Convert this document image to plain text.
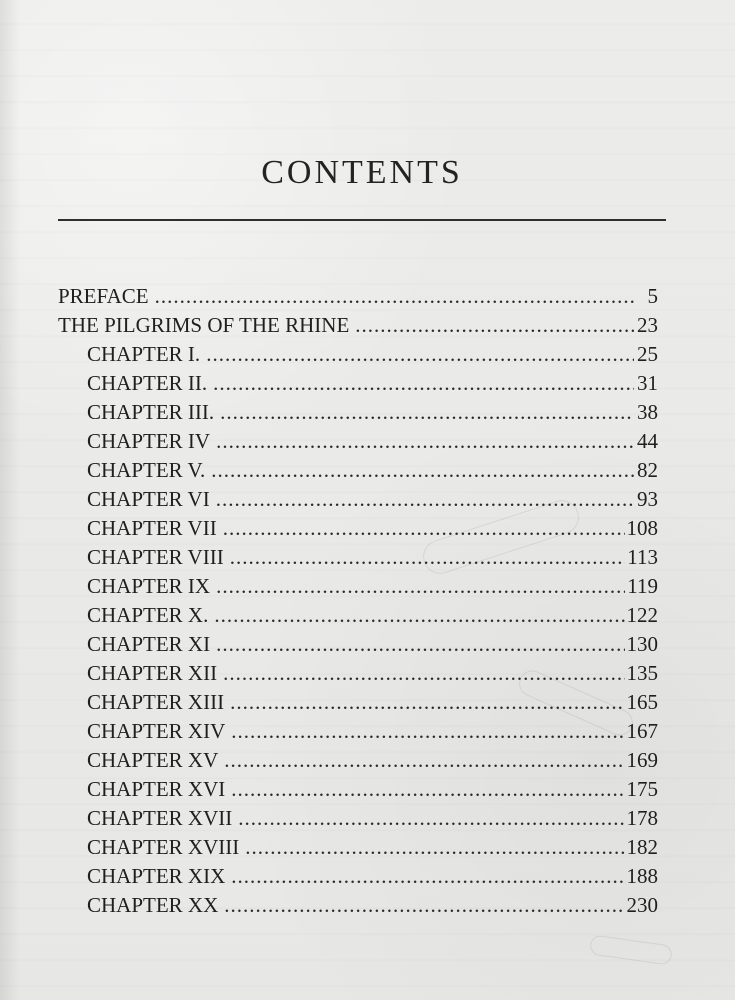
CONTENTS
PREFACE .....	5
THE PILGRIMS OF THE RHINE .....	23
CHAPTER I. .....	25
CHAPTER II. .....	31
CHAPTER III. .....	38
CHAPTER IV .....	44
CHAPTER V. .....	82
CHAPTER VI .....	93
CHAPTER VII .....	108
CHAPTER VIII .....	113
CHAPTER IX .....	119
CHAPTER X. .....	122
CHAPTER XI .....	130
CHAPTER XII .....	135
CHAPTER XIII .....	165
CHAPTER XIV .....	167
CHAPTER XV .....	169
CHAPTER XVI .....	175
CHAPTER XVII .....	178
CHAPTER XVIII .....	182
CHAPTER XIX .....	188
CHAPTER XX .....	230
